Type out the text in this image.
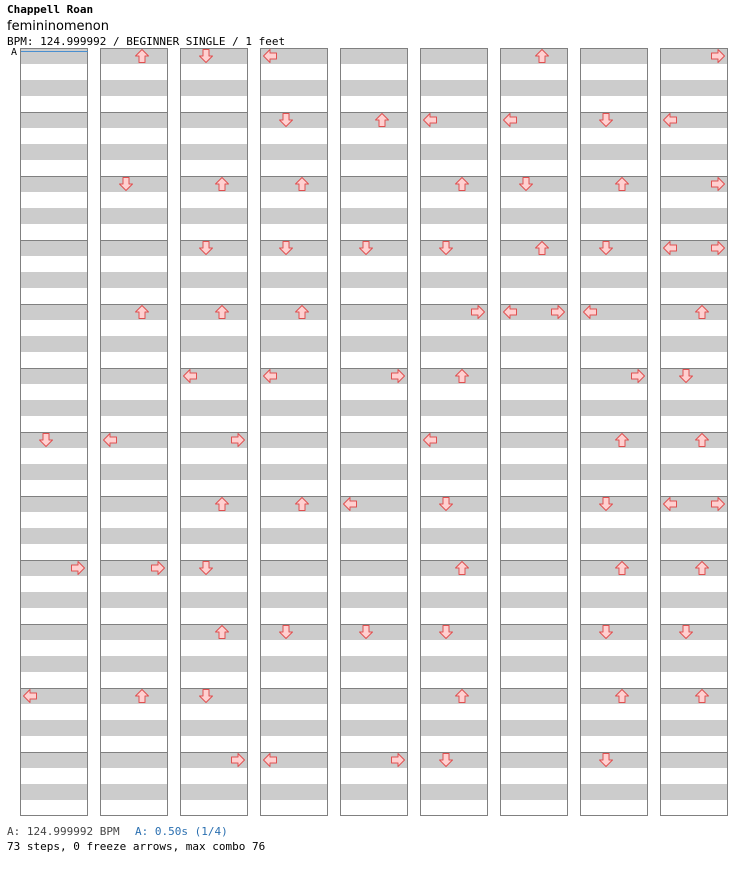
Chappell Roan
femininomenon
BPM: 124.999992 / BEGINNER SINGLE / 1 feet
A
A: 124.999992 BPM A: 0.50s (1/4)
73 steps, 0 freeze arrows, max combo 76
